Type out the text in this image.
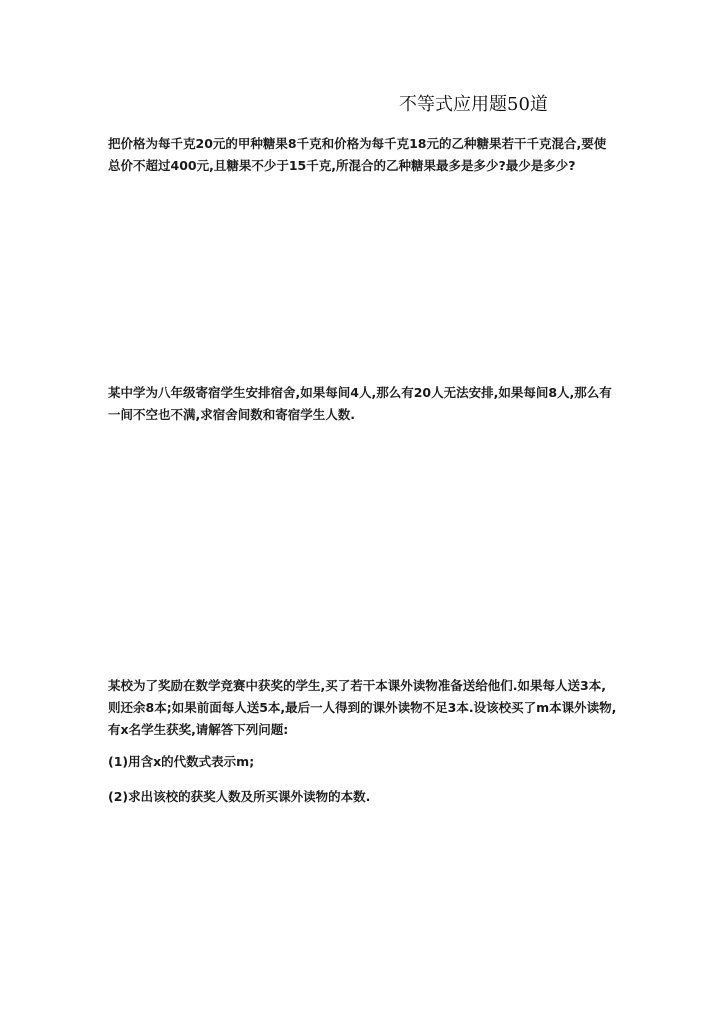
不等式应用题50道

把价格为每千克20元的甲种糖果8千克和价格为每千克18元的乙种糖果若干千克混合,要使总价不超过400元,且糖果不少于15千克,所混合的乙种糖果最多是多少?最少是多少?

某中学为八年级寄宿学生安排宿舍,如果每间4人,那么有20人无法安排,如果每间8人,那么有一间不空也不满,求宿舍间数和寄宿学生人数.

某校为了奖励在数学竞赛中获奖的学生,买了若干本课外读物准备送给他们.如果每人送3本,则还余8本;如果前面每人送5本,最后一人得到的课外读物不足3本.设该校买了m本课外读物,有x名学生获奖,请解答下列问题:

(1)用含x的代数式表示m;
(2)求出该校的获奖人数及所买课外读物的本数.
